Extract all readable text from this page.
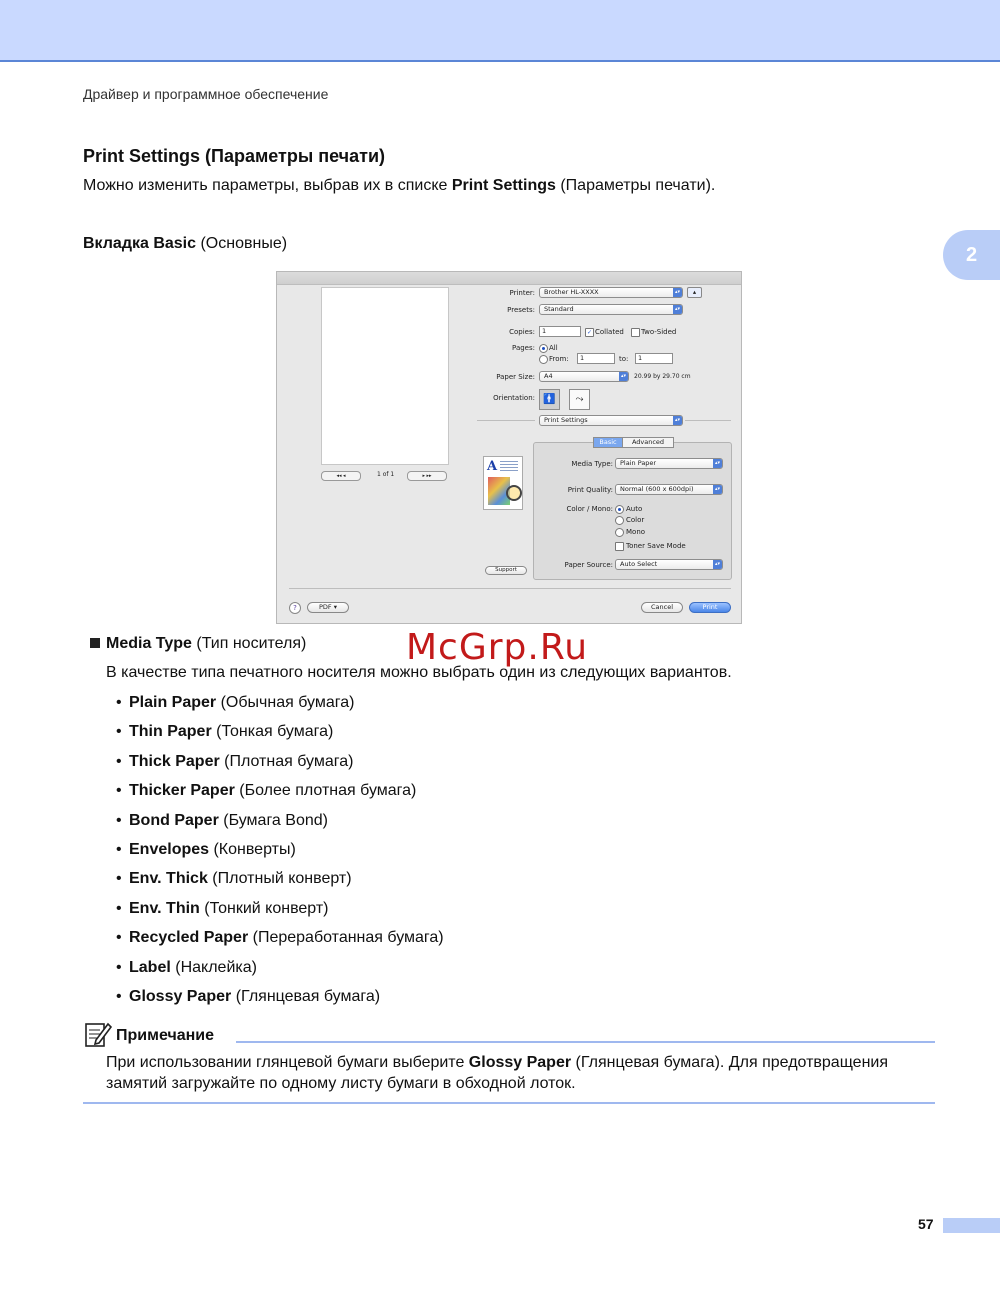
Драйвер и программное обеспечение
2
Print Settings (Параметры печати)
Можно изменить параметры, выбрав их в списке Print Settings (Параметры печати).
Вкладка Basic (Основные)
◂◂ ◂	1 of 1	▸ ▸▸
Printer:	Brother HL-XXXX	▴▾	▴
Presets:	Standard	▴▾
Copies:	1	✓ Collated Two-Sided
Pages: All
From:	1	to:	1
Paper Size:	A4	▴▾	20.99 by 29.70 cm
Orientation: 🚹	⤳
Print Settings	▴▾
Basic	Advanced
A	Media Type:	Plain Paper	▴▾
Print Quality:	Normal (600 x 600dpi)	▴▾
Color / Mono: Auto
Color
Mono
Toner Save Mode
Support
Paper Source:	Auto Select	▴▾
?	PDF ▾	Cancel	Print
McGrp.Ru
Media Type (Тип носителя)
В качестве типа печатного носителя можно выбрать один из следующих вариантов.
• Plain Paper (Обычная бумага)
• Thin Paper (Тонкая бумага)
• Thick Paper (Плотная бумага)
• Thicker Paper (Более плотная бумага)
• Bond Paper (Бумага Bond)
• Envelopes (Конверты)
• Env. Thick (Плотный конверт)
• Env. Thin (Тонкий конверт)
• Recycled Paper (Переработанная бумага)
• Label (Наклейка)
• Glossy Paper (Глянцевая бумага)
Примечание
При использовании глянцевой бумаги выберите Glossy Paper (Глянцевая бумага). Для предотвращения замятий загружайте по одному листу бумаги в обходной лоток.
57
